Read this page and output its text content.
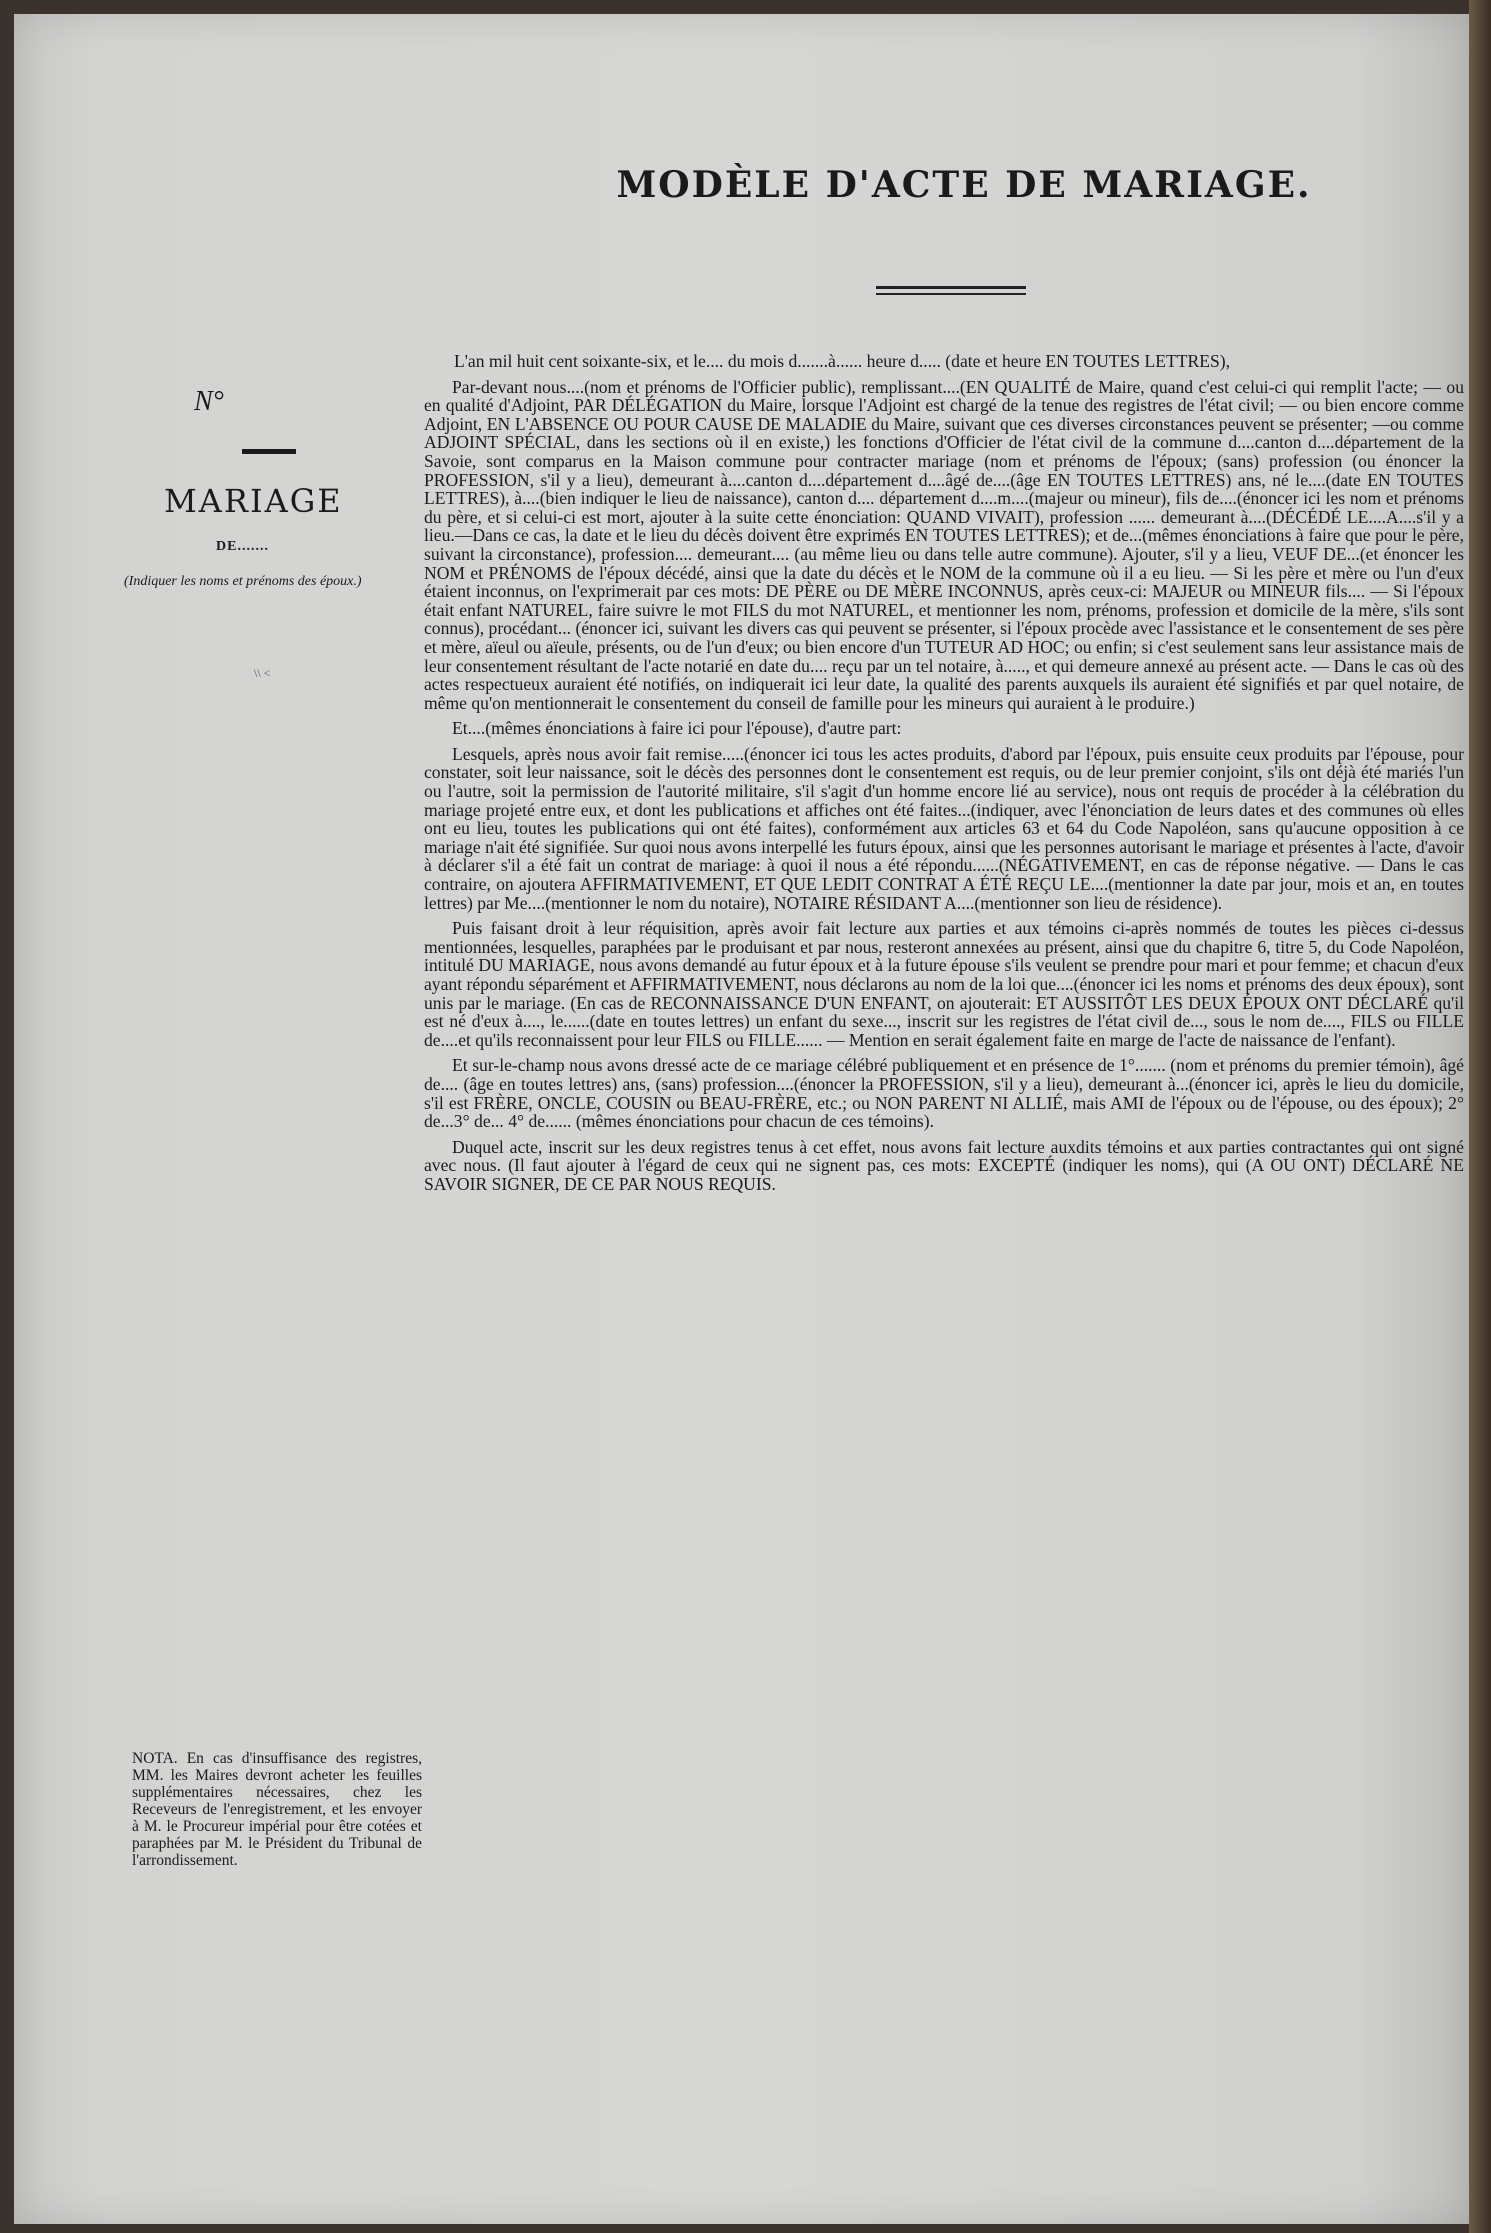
MODÈLE D'ACTE DE MARIAGE.
N°
MARIAGE
DE.......
(Indiquer les noms et prénoms des époux.)
\\ <

L'an mil huit cent soixante-six, et le.... du mois d.......à...... heure d..... (date et heure EN TOUTES LETTRES),

Par-devant nous....(nom et prénoms de l'Officier public), remplissant....(EN QUALITÉ de Maire, quand c'est celui-ci qui remplit l'acte; — ou en qualité d'Adjoint, PAR DÉLÉGATION du Maire, lorsque l'Adjoint est chargé de la tenue des registres de l'état civil; — ou bien encore comme Adjoint, EN L'ABSENCE OU POUR CAUSE DE MALADIE du Maire, suivant que ces diverses circonstances peuvent se présenter; —ou comme ADJOINT SPÉCIAL, dans les sections où il en existe,) les fonctions d'Officier de l'état civil de la commune d....canton d....département de la Savoie, sont comparus en la Maison commune pour contracter mariage (nom et prénoms de l'époux; (sans) profession (ou énoncer la PROFESSION, s'il y a lieu), demeurant à....canton d....département d....âgé de....(âge EN TOUTES LETTRES) ans, né le....(date EN TOUTES LETTRES), à....(bien indiquer le lieu de naissance), canton d.... département d....m....(majeur ou mineur), fils de....(énoncer ici les nom et prénoms du père, et si celui-ci est mort, ajouter à la suite cette énonciation: QUAND VIVAIT), profession ...... demeurant à....(DÉCÉDÉ LE....A....s'il y a lieu.—Dans ce cas, la date et le lieu du décès doivent être exprimés EN TOUTES LETTRES); et de...(mêmes énonciations à faire que pour le père, suivant la circonstance), profession.... demeurant.... (au même lieu ou dans telle autre commune). Ajouter, s'il y a lieu, VEUF DE...(et énoncer les NOM et PRÉNOMS de l'époux décédé, ainsi que la date du décès et le NOM de la commune où il a eu lieu. — Si les père et mère ou l'un d'eux étaient inconnus, on l'exprimerait par ces mots: DE PÈRE ou DE MÈRE INCONNUS, après ceux-ci: MAJEUR ou MINEUR fils.... — Si l'époux était enfant NATUREL, faire suivre le mot FILS du mot NATUREL, et mentionner les nom, prénoms, profession et domicile de la mère, s'ils sont connus), procédant... (énoncer ici, suivant les divers cas qui peuvent se présenter, si l'époux procède avec l'assistance et le consentement de ses père et mère, aïeul ou aïeule, présents, ou de l'un d'eux; ou bien encore d'un TUTEUR AD HOC; ou enfin; si c'est seulement sans leur assistance mais de leur consentement résultant de l'acte notarié en date du.... reçu par un tel notaire, à....., et qui demeure annexé au présent acte. — Dans le cas où des actes respectueux auraient été notifiés, on indiquerait ici leur date, la qualité des parents auxquels ils auraient été signifiés et par quel notaire, de même qu'on mentionnerait le consentement du conseil de famille pour les mineurs qui auraient à le produire.)

Et....(mêmes énonciations à faire ici pour l'épouse), d'autre part:

Lesquels, après nous avoir fait remise.....(énoncer ici tous les actes produits, d'abord par l'époux, puis ensuite ceux produits par l'épouse, pour constater, soit leur naissance, soit le décès des personnes dont le consentement est requis, ou de leur premier conjoint, s'ils ont déjà été mariés l'un ou l'autre, soit la permission de l'autorité militaire, s'il s'agit d'un homme encore lié au service), nous ont requis de procéder à la célébration du mariage projeté entre eux, et dont les publications et affiches ont été faites...(indiquer, avec l'énonciation de leurs dates et des communes où elles ont eu lieu, toutes les publications qui ont été faites), conformément aux articles 63 et 64 du Code Napoléon, sans qu'aucune opposition à ce mariage n'ait été signifiée. Sur quoi nous avons interpellé les futurs époux, ainsi que les personnes autorisant le mariage et présentes à l'acte, d'avoir à déclarer s'il a été fait un contrat de mariage: à quoi il nous a été répondu......(NÉGATIVEMENT, en cas de réponse négative. — Dans le cas contraire, on ajoutera AFFIRMATIVEMENT, ET QUE LEDIT CONTRAT A ÉTÉ REÇU LE....(mentionner la date par jour, mois et an, en toutes lettres) par Me....(mentionner le nom du notaire), NOTAIRE RÉSIDANT A....(mentionner son lieu de résidence).

Puis faisant droit à leur réquisition, après avoir fait lecture aux parties et aux témoins ci-après nommés de toutes les pièces ci-dessus mentionnées, lesquelles, paraphées par le produisant et par nous, resteront annexées au présent, ainsi que du chapitre 6, titre 5, du Code Napoléon, intitulé DU MARIAGE, nous avons demandé au futur époux et à la future épouse s'ils veulent se prendre pour mari et pour femme; et chacun d'eux ayant répondu séparément et AFFIRMATIVEMENT, nous déclarons au nom de la loi que....(énoncer ici les noms et prénoms des deux époux), sont unis par le mariage. (En cas de RECONNAISSANCE D'UN ENFANT, on ajouterait: ET AUSSITÔT LES DEUX ÉPOUX ONT DÉCLARÉ qu'il est né d'eux à...., le......(date en toutes lettres) un enfant du sexe..., inscrit sur les registres de l'état civil de..., sous le nom de...., FILS ou FILLE de....et qu'ils reconnaissent pour leur FILS ou FILLE...... — Mention en serait également faite en marge de l'acte de naissance de l'enfant).

Et sur-le-champ nous avons dressé acte de ce mariage célébré publiquement et en présence de 1°....... (nom et prénoms du premier témoin), âgé de.... (âge en toutes lettres) ans, (sans) profession....(énoncer la PROFESSION, s'il y a lieu), demeurant à...(énoncer ici, après le lieu du domicile, s'il est FRÈRE, ONCLE, COUSIN ou BEAU-FRÈRE, etc.; ou NON PARENT NI ALLIÉ, mais AMI de l'époux ou de l'épouse, ou des époux); 2° de...3° de... 4° de...... (mêmes énonciations pour chacun de ces témoins).

Duquel acte, inscrit sur les deux registres tenus à cet effet, nous avons fait lecture auxdits témoins et aux parties contractantes qui ont signé avec nous. (Il faut ajouter à l'égard de ceux qui ne signent pas, ces mots: EXCEPTÉ (indiquer les noms), qui (A OU ONT) DÉCLARÉ NE SAVOIR SIGNER, DE CE PAR NOUS REQUIS.

NOTA. En cas d'insuffisance des registres, MM. les Maires devront acheter les feuilles supplémentaires nécessaires, chez les Receveurs de l'enregistrement, et les envoyer à M. le Procureur impérial pour être cotées et paraphées par M. le Président du Tribunal de l'arrondissement.
